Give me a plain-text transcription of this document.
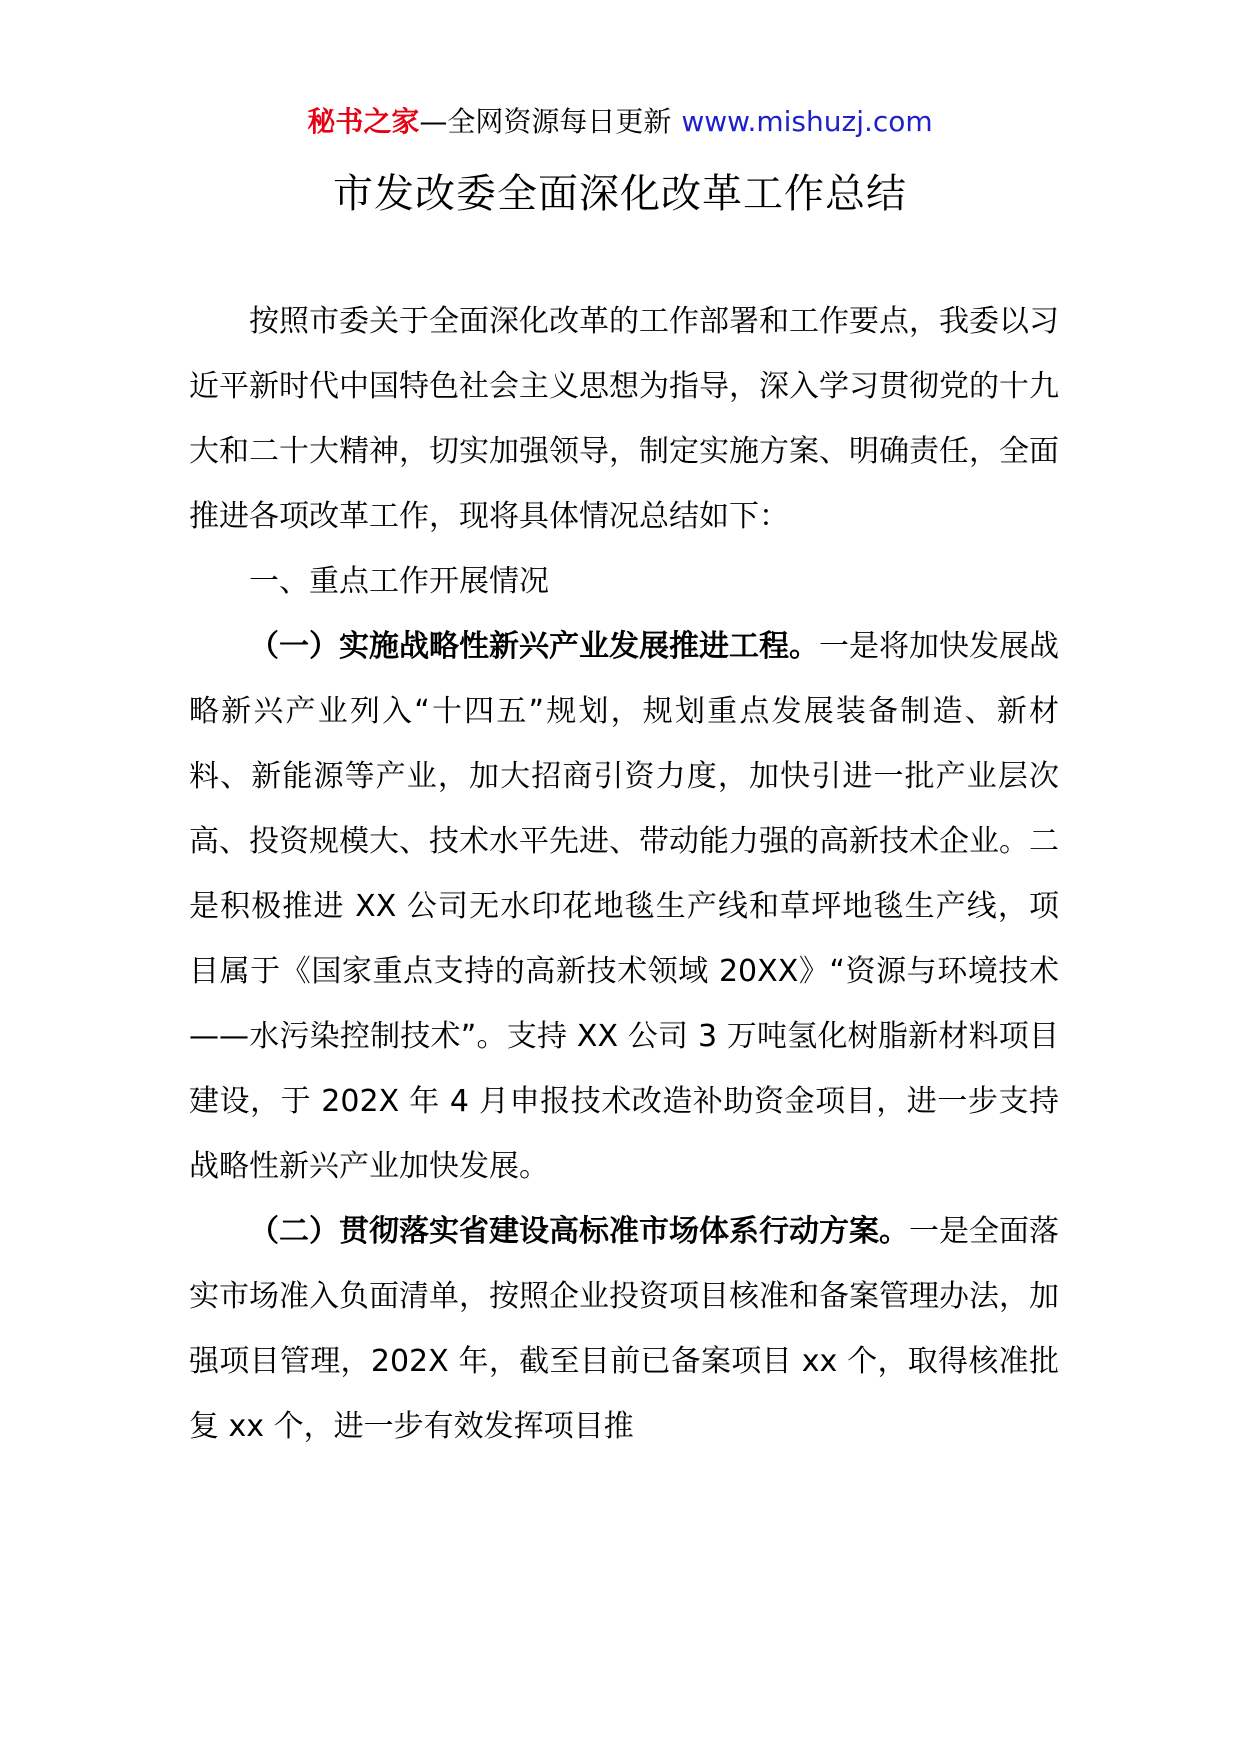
秘书之家—全网资源每日更新 www.mishuzj.com
市发改委全面深化改革工作总结

按照市委关于全面深化改革的工作部署和工作要点，我委以习近平新时代中国特色社会主义思想为指导，深入学习贯彻党的十九大和二十大精神，切实加强领导，制定实施方案、明确责任，全面推进各项改革工作，现将具体情况总结如下：

一、重点工作开展情况

（一）实施战略性新兴产业发展推进工程。一是将加快发展战略新兴产业列入“十四五”规划，规划重点发展装备制造、新材料、新能源等产业，加大招商引资力度，加快引进一批产业层次高、投资规模大、技术水平先进、带动能力强的高新技术企业。二是积极推进 XX 公司无水印花地毯生产线和草坪地毯生产线，项目属于《国家重点支持的高新技术领域 20XX》“资源与环境技术——水污染控制技术”。支持 XX 公司 3 万吨氢化树脂新材料项目建设，于 202X 年 4 月申报技术改造补助资金项目，进一步支持战略性新兴产业加快发展。

（二）贯彻落实省建设高标准市场体系行动方案。一是全面落实市场准入负面清单，按照企业投资项目核准和备案管理办法，加强项目管理，202X 年，截至目前已备案项目 xx 个，取得核准批复 xx 个，进一步有效发挥项目推
